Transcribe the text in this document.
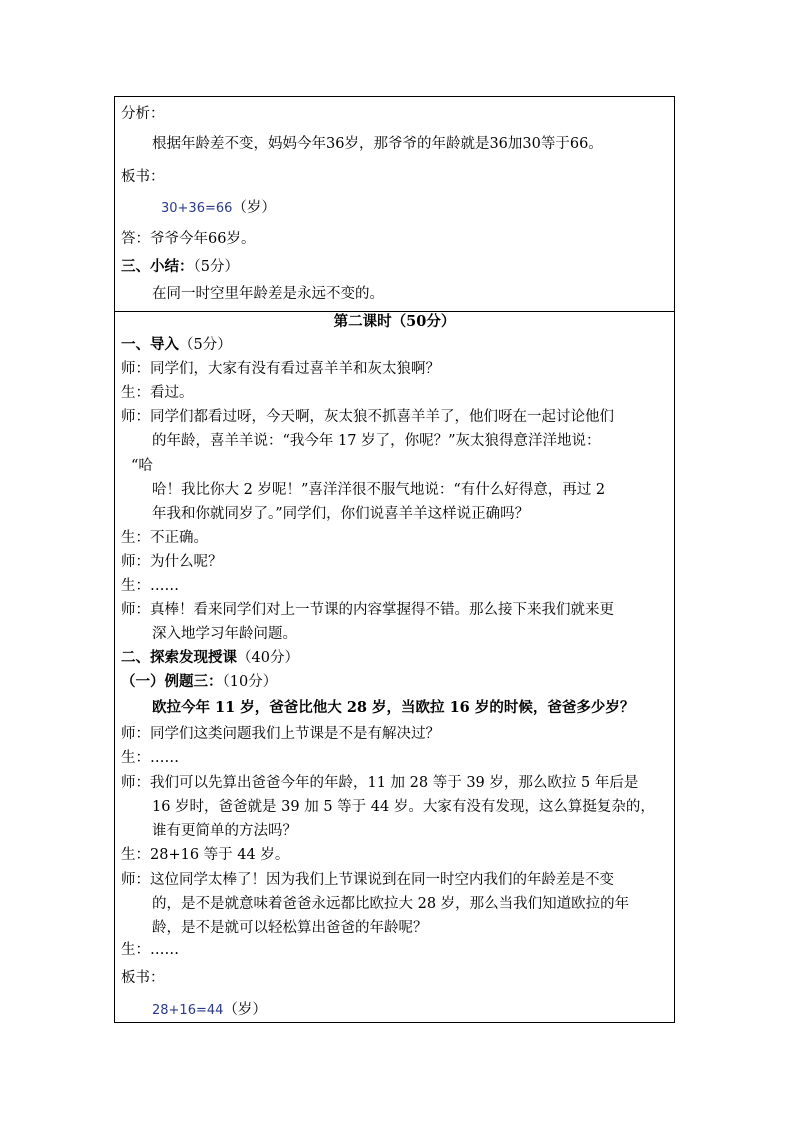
分析：
根据年龄差不变，妈妈今年36岁，那爷爷的年龄就是36加30等于66。
板书：
30+36=66（岁）
答：爷爷今年66岁。
三、小结：（5分）
在同一时空里年龄差是永远不变的。
第二课时（50分）
一、导入（5分）
师：同学们，大家有没有看过喜羊羊和灰太狼啊？
生：看过。
师：同学们都看过呀，今天啊，灰太狼不抓喜羊羊了，他们呀在一起讨论他们
的年龄，喜羊羊说：“我今年 17 岁了，你呢？”灰太狼得意洋洋地说：
“哈
哈！我比你大 2 岁呢！”喜洋洋很不服气地说：“有什么好得意，再过 2
年我和你就同岁了。”同学们，你们说喜羊羊这样说正确吗？
生：不正确。
师：为什么呢？
生：……
师：真棒！看来同学们对上一节课的内容掌握得不错。那么接下来我们就来更
深入地学习年龄问题。
二、探索发现授课（40分）
（一）例题三：（10分）
欧拉今年 11 岁，爸爸比他大 28 岁，当欧拉 16 岁的时候，爸爸多少岁？
师：同学们这类问题我们上节课是不是有解决过？
生：……
师：我们可以先算出爸爸今年的年龄，11 加 28 等于 39 岁，那么欧拉 5 年后是
16 岁时，爸爸就是 39 加 5 等于 44 岁。大家有没有发现，这么算挺复杂的，
谁有更简单的方法吗？
生：28+16 等于 44 岁。
师：这位同学太棒了！因为我们上节课说到在同一时空内我们的年龄差是不变
的，是不是就意味着爸爸永远都比欧拉大 28 岁，那么当我们知道欧拉的年
龄，是不是就可以轻松算出爸爸的年龄呢？
生：……
板书：
28+16=44（岁）
